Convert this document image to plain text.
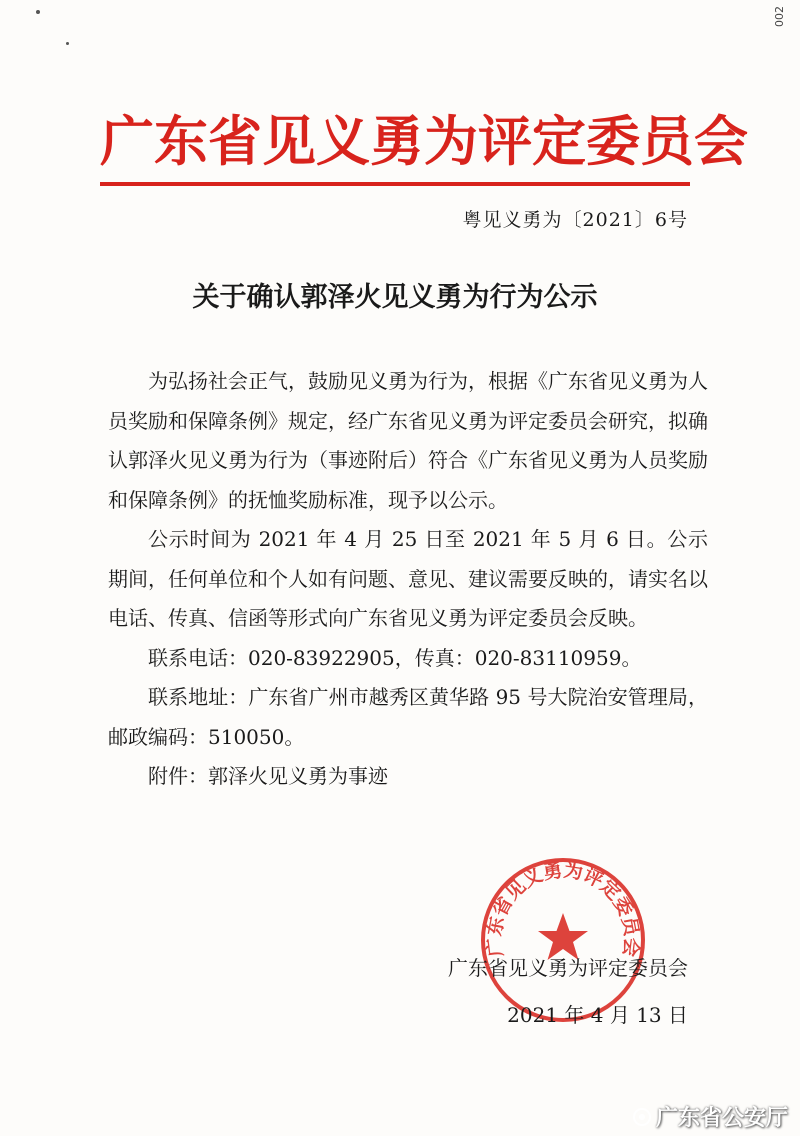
002
广东省见义勇为评定委员会
粤见义勇为〔2021〕6号
关于确认郭泽火见义勇为行为公示

为弘扬社会正气，鼓励见义勇为行为，根据《广东省见义勇为人员奖励和保障条例》规定，经广东省见义勇为评定委员会研究，拟确认郭泽火见义勇为行为（事迹附后）符合《广东省见义勇为人员奖励和保障条例》的抚恤奖励标准，现予以公示。

公示时间为 2021 年 4 月 25 日至 2021 年 5 月 6 日。公示期间，任何单位和个人如有问题、意见、建议需要反映的，请实名以电话、传真、信函等形式向广东省见义勇为评定委员会反映。

联系电话：020-83922905，传真：020-83110959。

联系地址：广东省广州市越秀区黄华路 95 号大院治安管理局，邮政编码：510050。

附件：郭泽火见义勇为事迹

广东省见义勇为评定委员会
广东省见义勇为评定委员会
2021 年 4 月 13 日
广东省公安厅
